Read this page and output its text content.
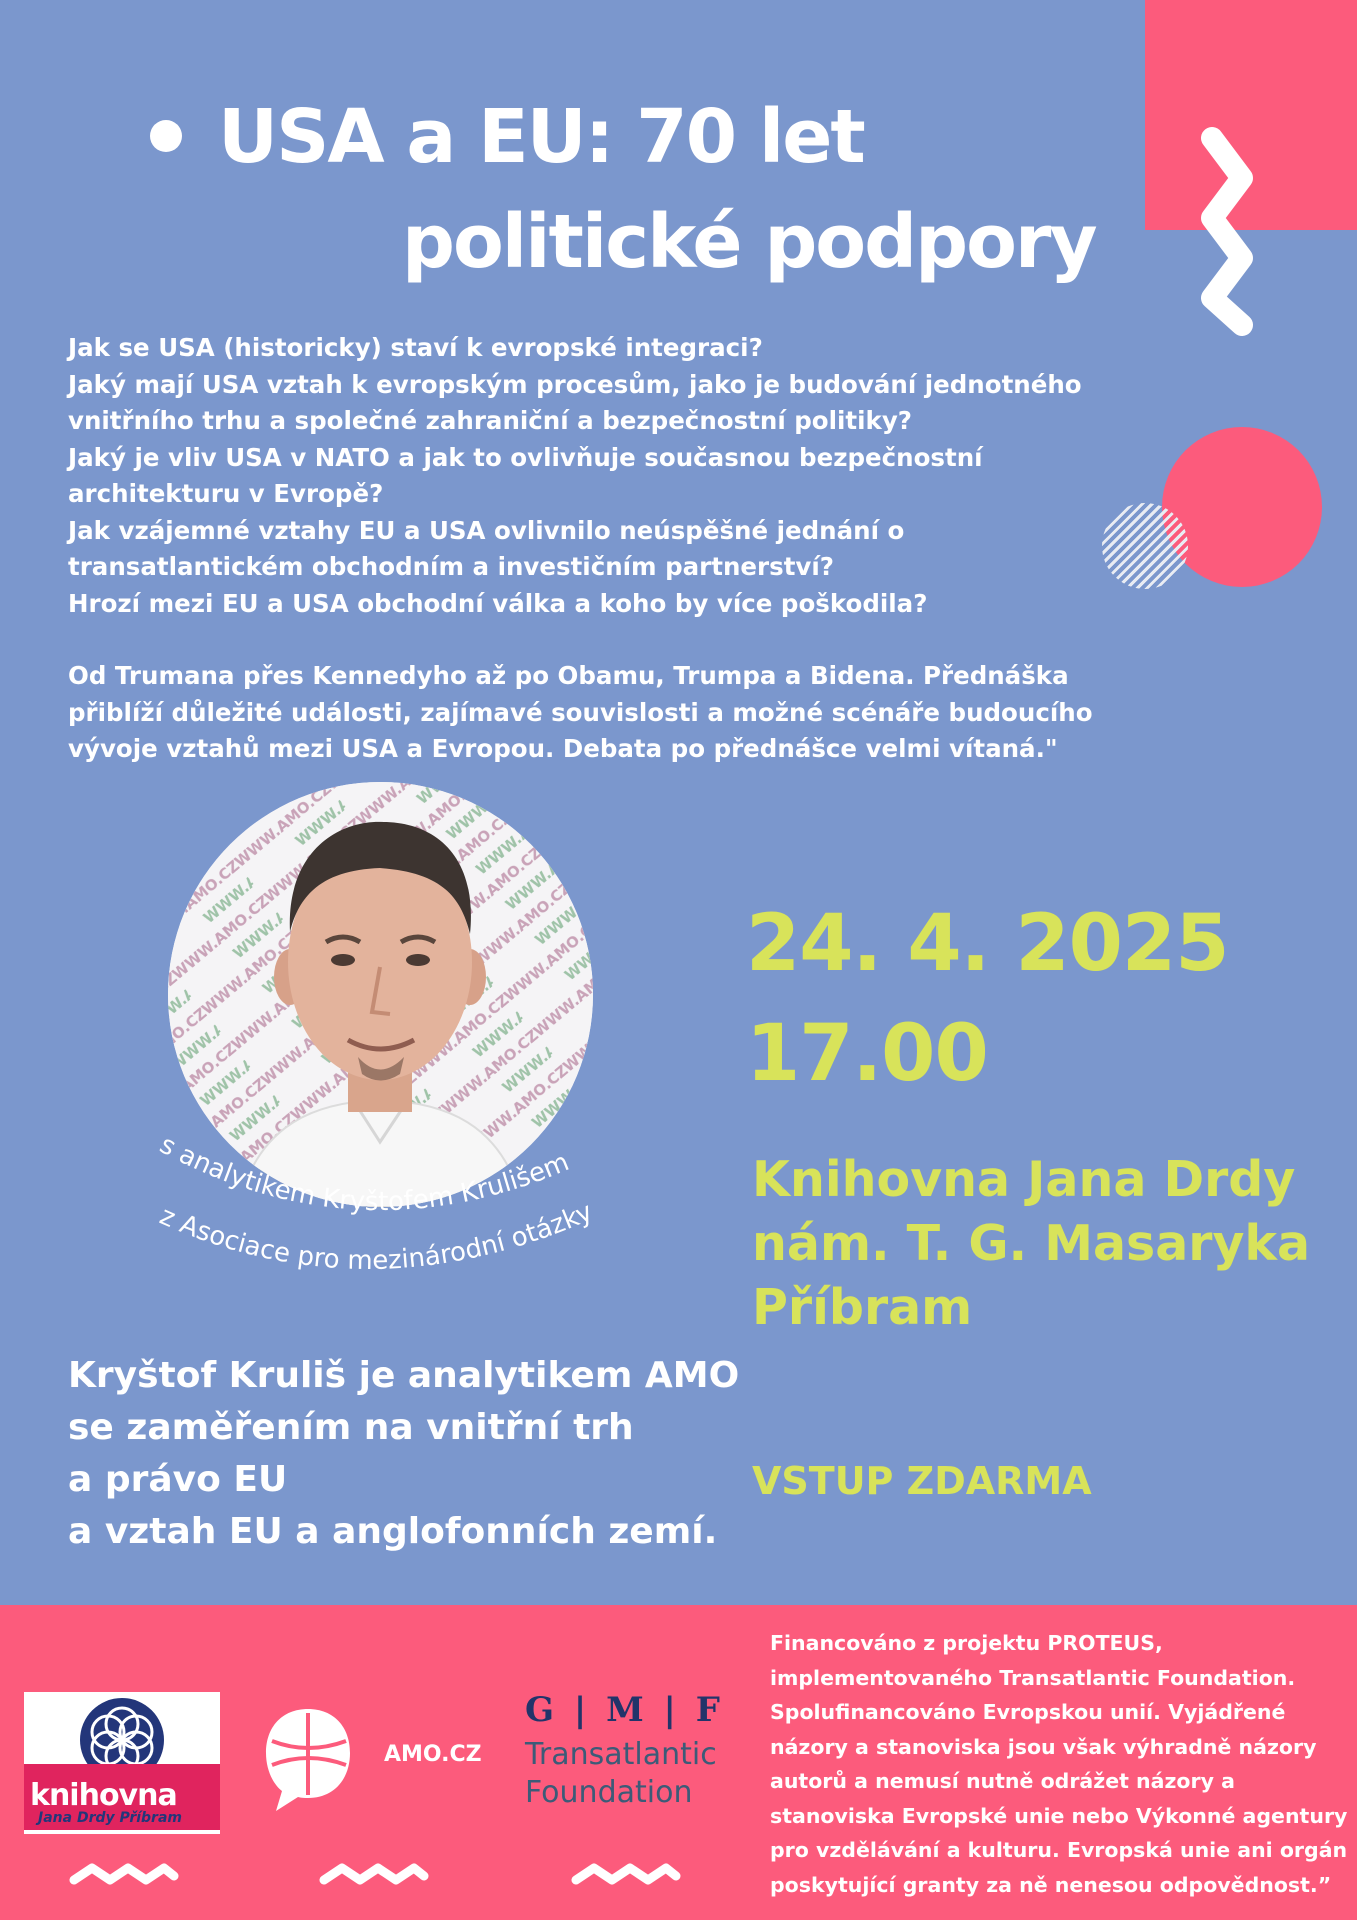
USA a EU: 70 let
politické podpory

Jak se USA (historicky) staví k evropské integraci?

Jaký mají USA vztah k evropským procesům, jako je budování jednotného

vnitřního trhu a společné zahraniční a bezpečnostní politiky?

Jaký je vliv USA v NATO a jak to ovlivňuje současnou bezpečnostní

architekturu v Evropě?

Jak vzájemné vztahy EU a USA ovlivnilo neúspěšné jednání o

transatlantickém obchodním a investičním partnerství?

Hrozí mezi EU a USA obchodní válka a koho by více poškodila?

Od Trumana přes Kennedyho až po Obamu, Trumpa a Bidena. Přednáška

přiblíží důležité události, zajímavé souvislosti a možné scénáře budoucího

vývoje vztahů mezi USA a Evropou. Debata po přednášce velmi vítaná."

s analytikem Kryštofem Krulišem
z Asociace pro mezinárodní otázky
24. 4. 2025
17.00
Knihovna Jana Drdy
nám. T. G. Masaryka
Příbram
VSTUP ZDARMA
Kryštof Kruliš je analytikem AMO
se zaměřením na vnitřní trh
a právo EU
a vztah EU a anglofonních zemí.
knihovna
Jana Drdy Příbram
AMO.CZ
G | M | F
Transatlantic
Foundation
Financováno z projektu PROTEUS,
implementovaného Transatlantic Foundation.
Spolufinancováno Evropskou unií. Vyjádřené
názory a stanoviska jsou však výhradně názory
autorů a nemusí nutně odrážet názory a
stanoviska Evropské unie nebo Výkonné agentury
pro vzdělávání a kulturu. Evropská unie ani orgán
poskytující granty za ně nenesou odpovědnost.”
